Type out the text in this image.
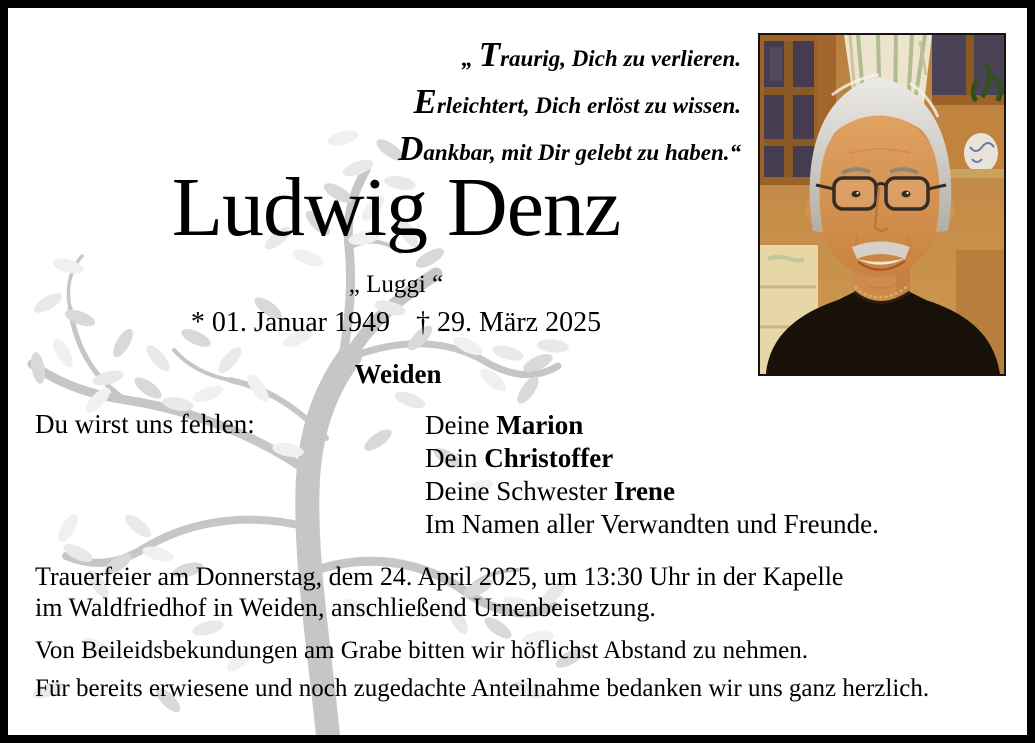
„ Traurig, Dich zu verlieren.
Erleichtert, Dich erlöst zu wissen.
Dankbar, mit Dir gelebt zu haben.“
Ludwig Denz
„ Luggi “
* 01. Januar 1949 † 29. März 2025
Weiden
Du wirst uns fehlen:	Deine Marion
Dein Christoffer
Deine Schwester Irene
Im Namen aller Verwandten und Freunde.
Trauerfeier am Donnerstag, dem 24. April 2025, um 13:30 Uhr in der Kapelle
im Waldfriedhof in Weiden, anschließend Urnenbeisetzung.
Von Beileidsbekundungen am Grabe bitten wir höflichst Abstand zu nehmen.
Für bereits erwiesene und noch zugedachte Anteilnahme bedanken wir uns ganz herzlich.
